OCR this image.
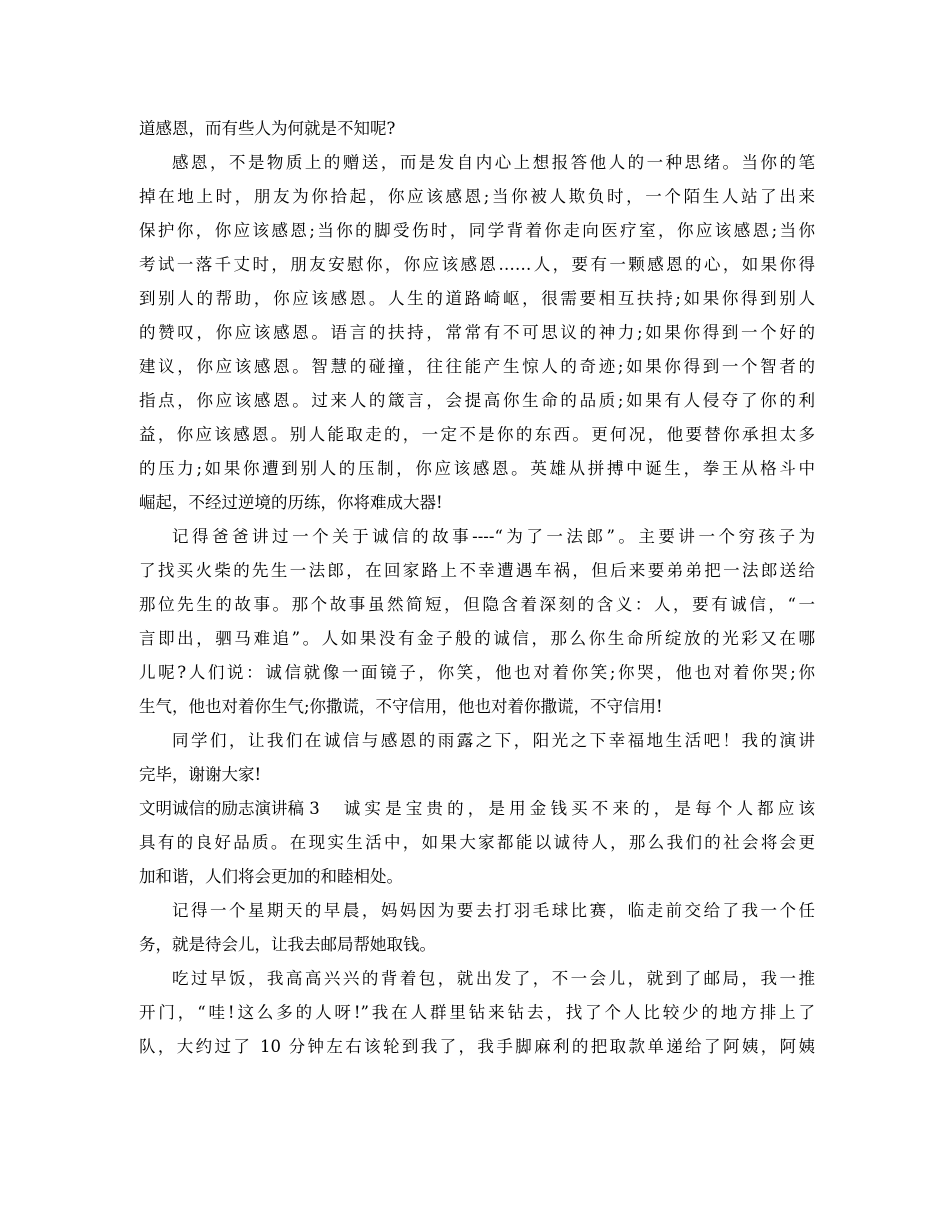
道感恩，而有些人为何就是不知呢?
感恩，不是物质上的赠送，而是发自内心上想报答他人的一种思绪。当你的笔
掉在地上时，朋友为你拾起，你应该感恩;当你被人欺负时，一个陌生人站了出来
保护你，你应该感恩;当你的脚受伤时，同学背着你走向医疗室，你应该感恩;当你
考试一落千丈时，朋友安慰你，你应该感恩……人，要有一颗感恩的心，如果你得
到别人的帮助，你应该感恩。人生的道路崎岖，很需要相互扶持;如果你得到别人
的赞叹，你应该感恩。语言的扶持，常常有不可思议的神力;如果你得到一个好的
建议，你应该感恩。智慧的碰撞，往往能产生惊人的奇迹;如果你得到一个智者的
指点，你应该感恩。过来人的箴言，会提高你生命的品质;如果有人侵夺了你的利
益，你应该感恩。别人能取走的，一定不是你的东西。更何况，他要替你承担太多
的压力;如果你遭到别人的压制，你应该感恩。英雄从拼搏中诞生，拳王从格斗中
崛起，不经过逆境的历练，你将难成大器!
记得爸爸讲过一个关于诚信的故事----“为了一法郎”。主要讲一个穷孩子为
了找买火柴的先生一法郎，在回家路上不幸遭遇车祸，但后来要弟弟把一法郎送给
那位先生的故事。那个故事虽然简短，但隐含着深刻的含义：人，要有诚信，“一
言即出，驷马难追”。人如果没有金子般的诚信，那么你生命所绽放的光彩又在哪
儿呢?人们说：诚信就像一面镜子，你笑，他也对着你笑;你哭，他也对着你哭;你
生气，他也对着你生气;你撒谎，不守信用，他也对着你撒谎，不守信用!
同学们，让我们在诚信与感恩的雨露之下，阳光之下幸福地生活吧！我的演讲
完毕，谢谢大家!
文明诚信的励志演讲稿 3	诚实是宝贵的，是用金钱买不来的，是每个人都应该
具有的良好品质。在现实生活中，如果大家都能以诚待人，那么我们的社会将会更
加和谐，人们将会更加的和睦相处。
记得一个星期天的早晨，妈妈因为要去打羽毛球比赛，临走前交给了我一个任
务，就是待会儿，让我去邮局帮她取钱。
吃过早饭，我高高兴兴的背着包，就出发了，不一会儿，就到了邮局，我一推
开门，“哇!这么多的人呀!”我在人群里钻来钻去，找了个人比较少的地方排上了
队，大约过了 10 分钟左右该轮到我了，我手脚麻利的把取款单递给了阿姨，阿姨
